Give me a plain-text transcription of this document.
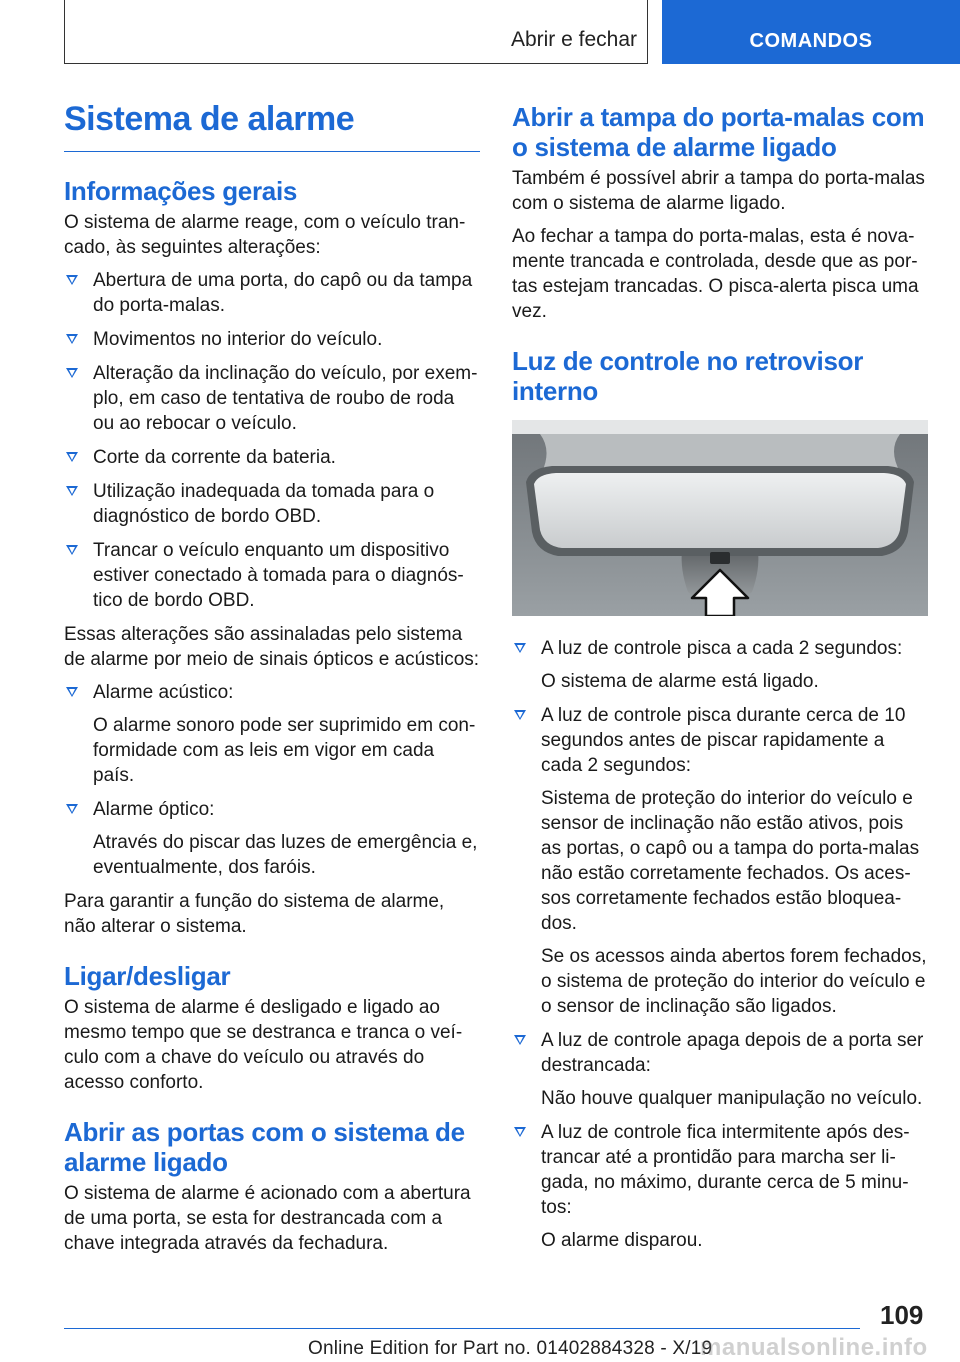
Abrir e fechar	COMANDOS
Sistema de alarme
Informações gerais

O sistema de alarme reage, com o veículo trancado, às seguintes alterações:

Abertura de uma porta, do capô ou da tampa do porta-malas.
Movimentos no interior do veículo.
Alteração da inclinação do veículo, por exemplo, em caso de tentativa de roubo de roda ou ao rebocar o veículo.
Corte da corrente da bateria.
Utilização inadequada da tomada para o diagnóstico de bordo OBD.
Trancar o veículo enquanto um dispositivo estiver conectado à tomada para o diagnóstico de bordo OBD.

Essas alterações são assinaladas pelo sistema de alarme por meio de sinais ópticos e acústicos:

Alarme acústico:
O alarme sonoro pode ser suprimido em conformidade com as leis em vigor em cada país.
Alarme óptico:
Através do piscar das luzes de emergência e, eventualmente, dos faróis.

Para garantir a função do sistema de alarme, não alterar o sistema.

Ligar/desligar

O sistema de alarme é desligado e ligado ao mesmo tempo que se destranca e tranca o veículo com a chave do veículo ou através do acesso conforto.

Abrir as portas com o sistema de alarme ligado

O sistema de alarme é acionado com a abertura de uma porta, se esta for destrancada com a chave integrada através da fechadura.

Abrir a tampa do porta-malas com o sistema de alarme ligado

Também é possível abrir a tampa do porta-malas com o sistema de alarme ligado.

Ao fechar a tampa do porta-malas, esta é novamente trancada e controlada, desde que as portas estejam trancadas. O pisca-alerta pisca uma vez.

Luz de controle no retrovisor interno
A luz de controle pisca a cada 2 segundos:
O sistema de alarme está ligado.
A luz de controle pisca durante cerca de 10 segundos antes de piscar rapidamente a cada 2 segundos:
Sistema de proteção do interior do veículo e sensor de inclinação não estão ativos, pois as portas, o capô ou a tampa do porta-malas não estão corretamente fechados. Os acessos corretamente fechados estão bloqueados.
Se os acessos ainda abertos forem fechados, o sistema de proteção do interior do veículo e o sensor de inclinação são ligados.
A luz de controle apaga depois de a porta ser destrancada:
Não houve qualquer manipulação no veículo.
A luz de controle fica intermitente após destrancar até a prontidão para marcha ser ligada, no máximo, durante cerca de 5 minutos:
O alarme disparou.
109
Online Edition for Part no. 01402884328 - X/19
manualsonline.info
